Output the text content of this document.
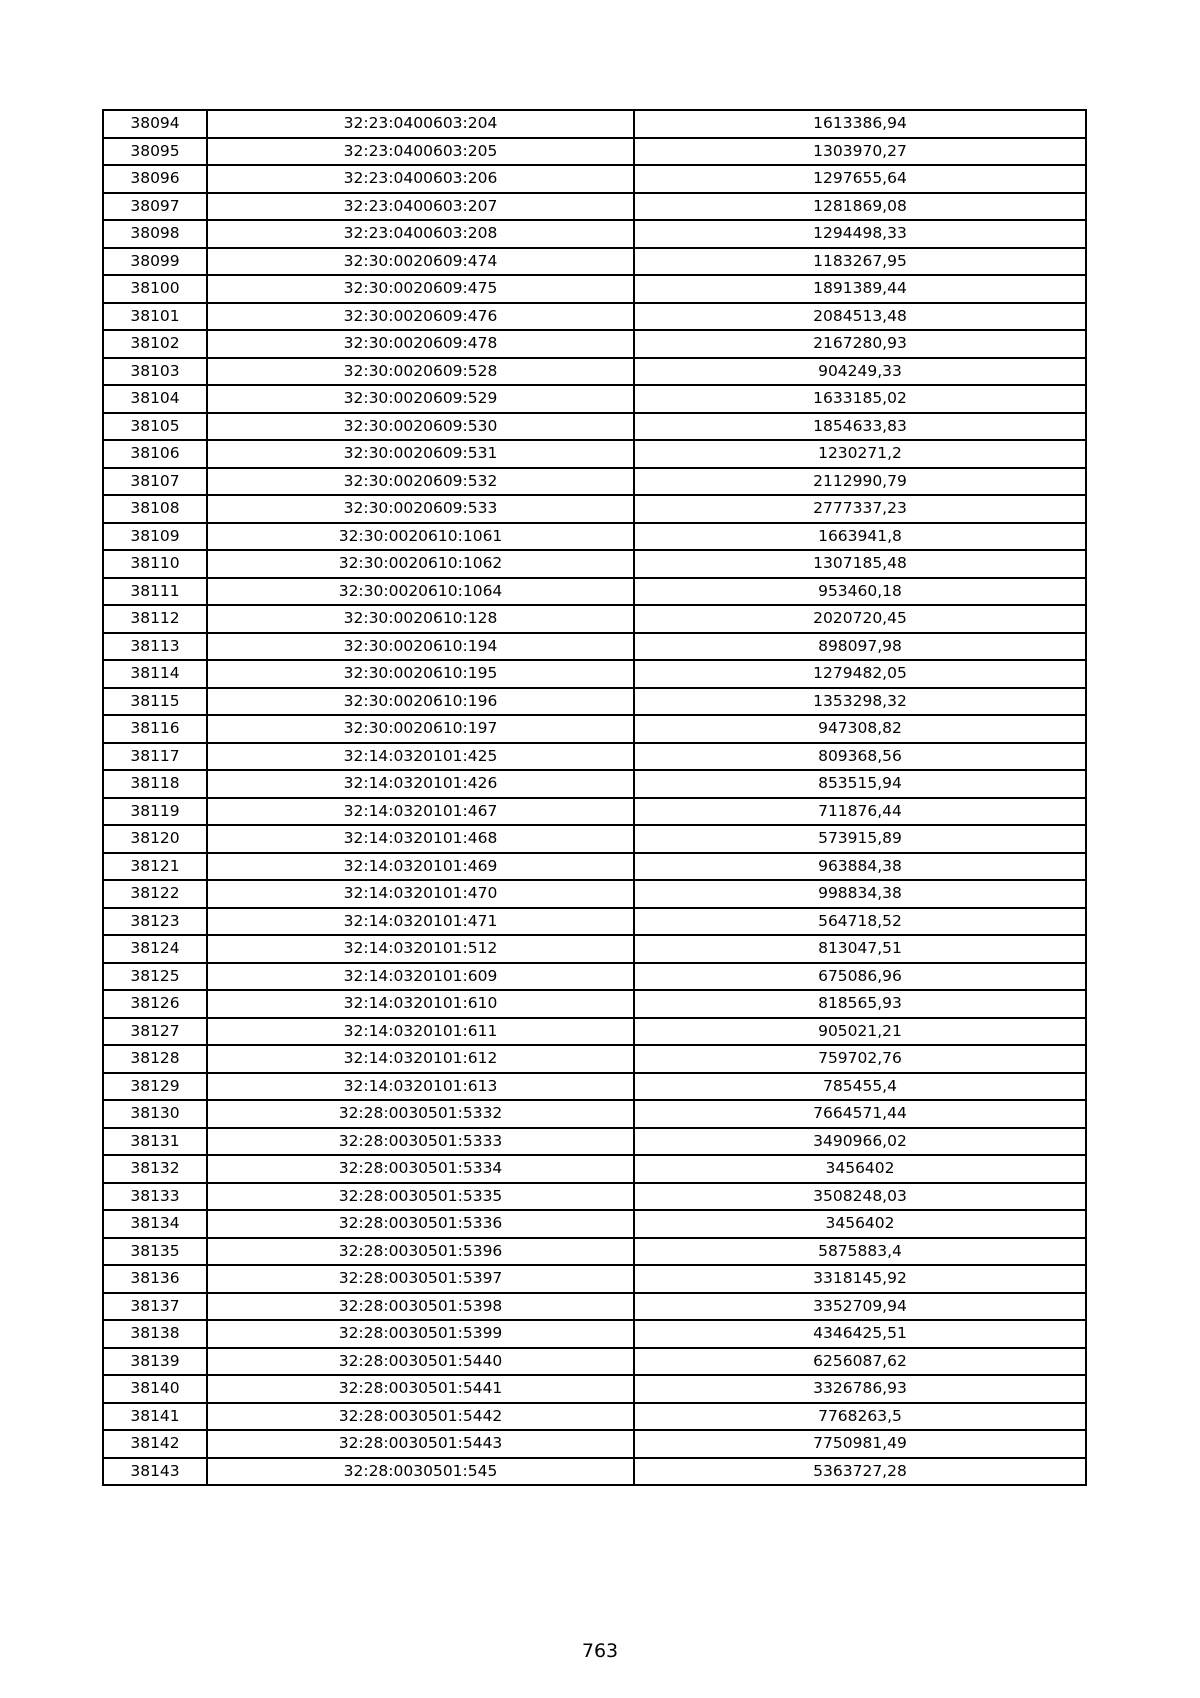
38094	32:23:0400603:204	1613386,94
38095	32:23:0400603:205	1303970,27
38096	32:23:0400603:206	1297655,64
38097	32:23:0400603:207	1281869,08
38098	32:23:0400603:208	1294498,33
38099	32:30:0020609:474	1183267,95
38100	32:30:0020609:475	1891389,44
38101	32:30:0020609:476	2084513,48
38102	32:30:0020609:478	2167280,93
38103	32:30:0020609:528	904249,33
38104	32:30:0020609:529	1633185,02
38105	32:30:0020609:530	1854633,83
38106	32:30:0020609:531	1230271,2
38107	32:30:0020609:532	2112990,79
38108	32:30:0020609:533	2777337,23
38109	32:30:0020610:1061	1663941,8
38110	32:30:0020610:1062	1307185,48
38111	32:30:0020610:1064	953460,18
38112	32:30:0020610:128	2020720,45
38113	32:30:0020610:194	898097,98
38114	32:30:0020610:195	1279482,05
38115	32:30:0020610:196	1353298,32
38116	32:30:0020610:197	947308,82
38117	32:14:0320101:425	809368,56
38118	32:14:0320101:426	853515,94
38119	32:14:0320101:467	711876,44
38120	32:14:0320101:468	573915,89
38121	32:14:0320101:469	963884,38
38122	32:14:0320101:470	998834,38
38123	32:14:0320101:471	564718,52
38124	32:14:0320101:512	813047,51
38125	32:14:0320101:609	675086,96
38126	32:14:0320101:610	818565,93
38127	32:14:0320101:611	905021,21
38128	32:14:0320101:612	759702,76
38129	32:14:0320101:613	785455,4
38130	32:28:0030501:5332	7664571,44
38131	32:28:0030501:5333	3490966,02
38132	32:28:0030501:5334	3456402
38133	32:28:0030501:5335	3508248,03
38134	32:28:0030501:5336	3456402
38135	32:28:0030501:5396	5875883,4
38136	32:28:0030501:5397	3318145,92
38137	32:28:0030501:5398	3352709,94
38138	32:28:0030501:5399	4346425,51
38139	32:28:0030501:5440	6256087,62
38140	32:28:0030501:5441	3326786,93
38141	32:28:0030501:5442	7768263,5
38142	32:28:0030501:5443	7750981,49
38143	32:28:0030501:545	5363727,28
763
